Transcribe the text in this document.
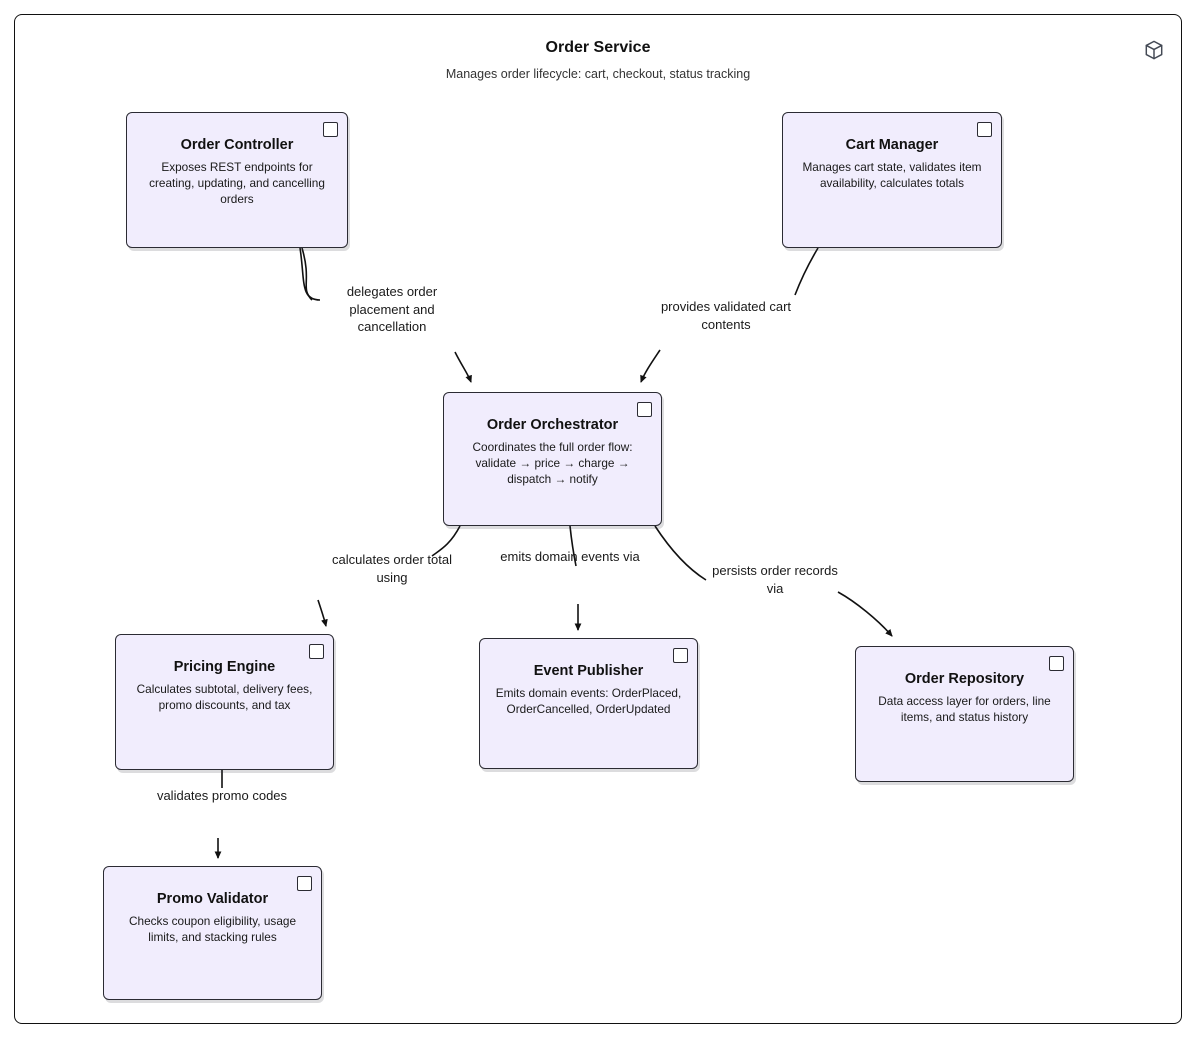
Order Service
Manages order lifecycle: cart, checkout, status tracking
Order Controller
Exposes REST endpoints for creating, updating, and cancelling orders
Cart Manager
Manages cart state, validates item availability, calculates totals
Order Orchestrator
Coordinates the full order flow: validate → price → charge → dispatch → notify
Pricing Engine
Calculates subtotal, delivery fees, promo discounts, and tax
Event Publisher
Emits domain events: OrderPlaced, OrderCancelled, OrderUpdated
Order Repository
Data access layer for orders, line items, and status history
Promo Validator
Checks coupon eligibility, usage limits, and stacking rules
delegates order placement and cancellation
provides validated cart contents
calculates order total using
emits domain events via
persists order records via
validates promo codes
